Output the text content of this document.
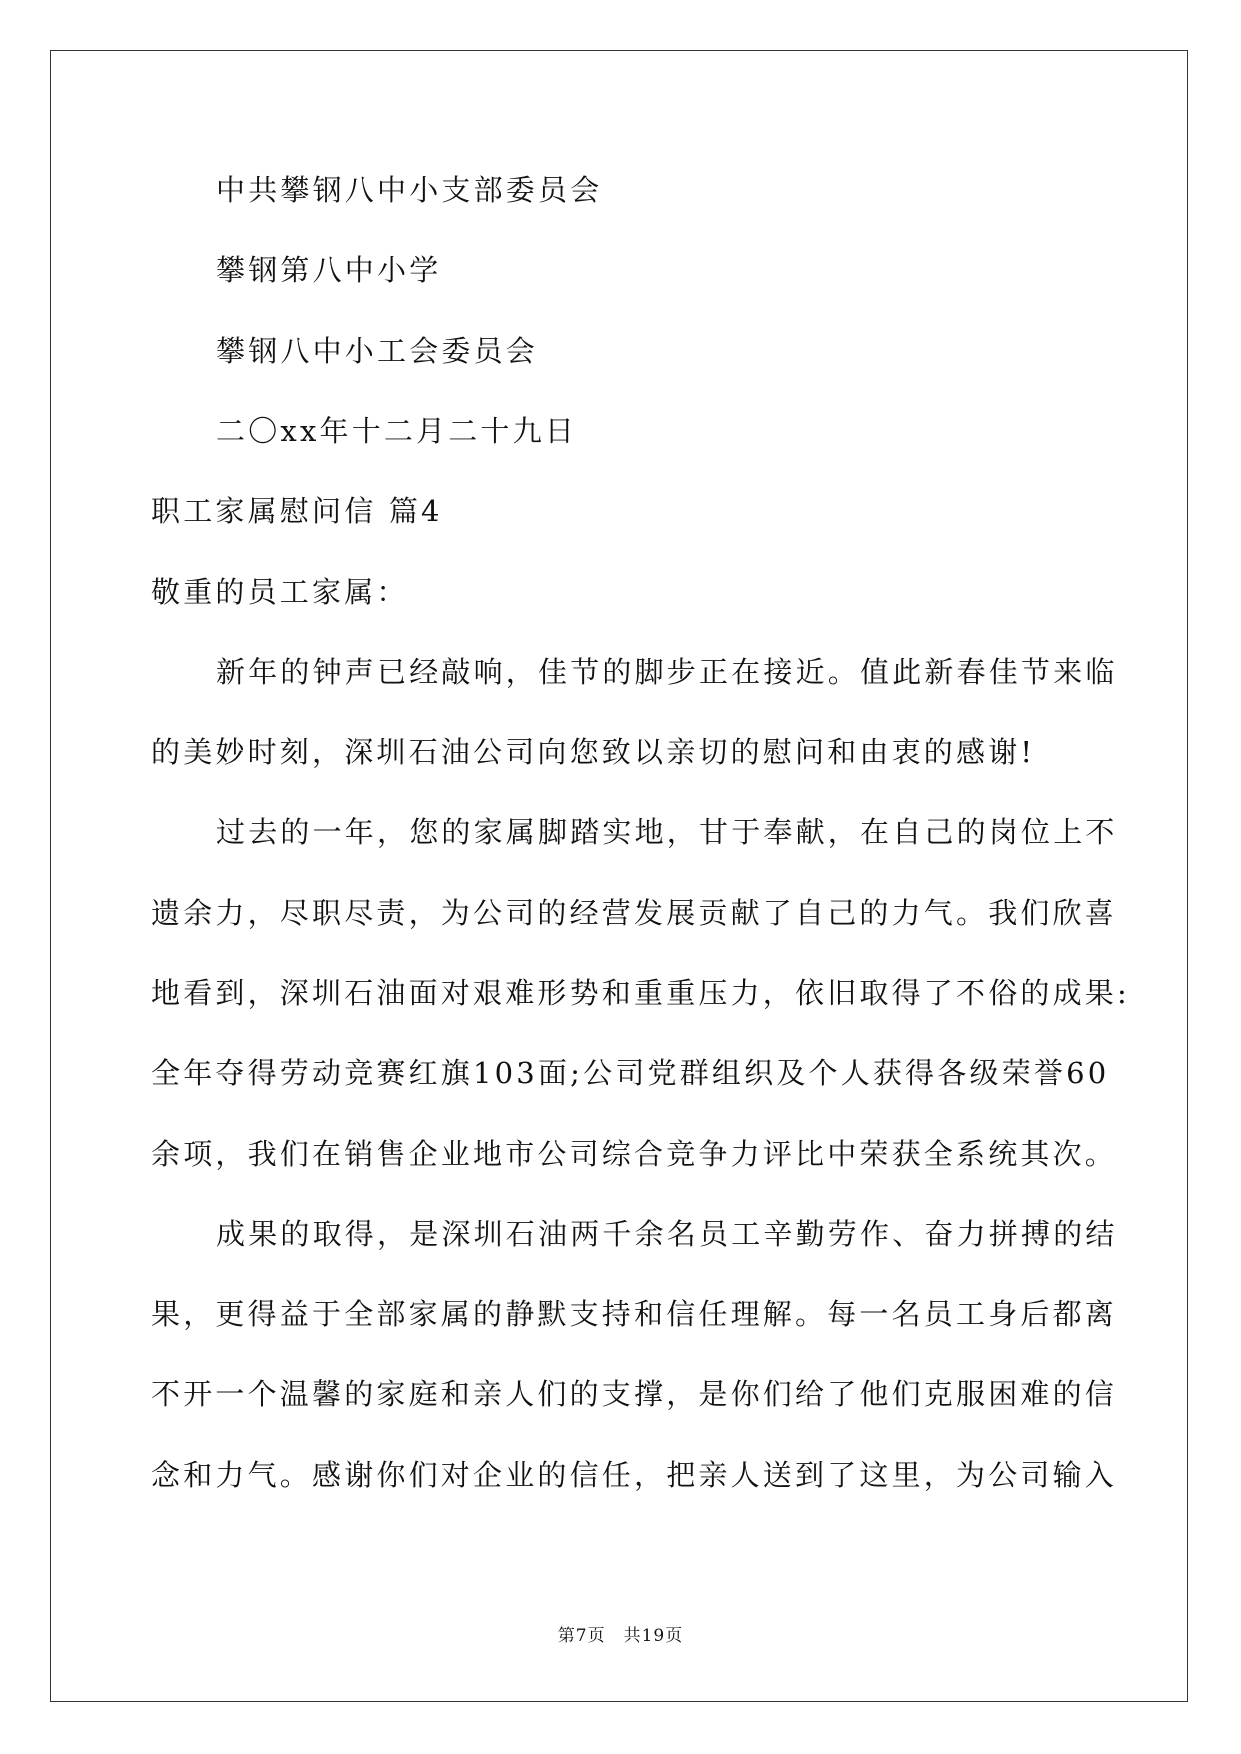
中共攀钢八中小支部委员会
攀钢第八中小学
攀钢八中小工会委员会
二〇xx年十二月二十九日
职工家属慰问信 篇4
敬重的员工家属：
新年的钟声已经敲响，佳节的脚步正在接近。值此新春佳节来临
的美妙时刻，深圳石油公司向您致以亲切的慰问和由衷的感谢!
过去的一年，您的家属脚踏实地，甘于奉献，在自己的岗位上不
遗余力，尽职尽责，为公司的经营发展贡献了自己的力气。我们欣喜
地看到，深圳石油面对艰难形势和重重压力，依旧取得了不俗的成果:
全年夺得劳动竞赛红旗103面;公司党群组织及个人获得各级荣誉60
余项，我们在销售企业地市公司综合竞争力评比中荣获全系统其次。
成果的取得，是深圳石油两千余名员工辛勤劳作、奋力拼搏的结
果，更得益于全部家属的静默支持和信任理解。每一名员工身后都离
不开一个温馨的家庭和亲人们的支撑，是你们给了他们克服困难的信
念和力气。感谢你们对企业的信任，把亲人送到了这里，为公司输入
第7页 共19页
